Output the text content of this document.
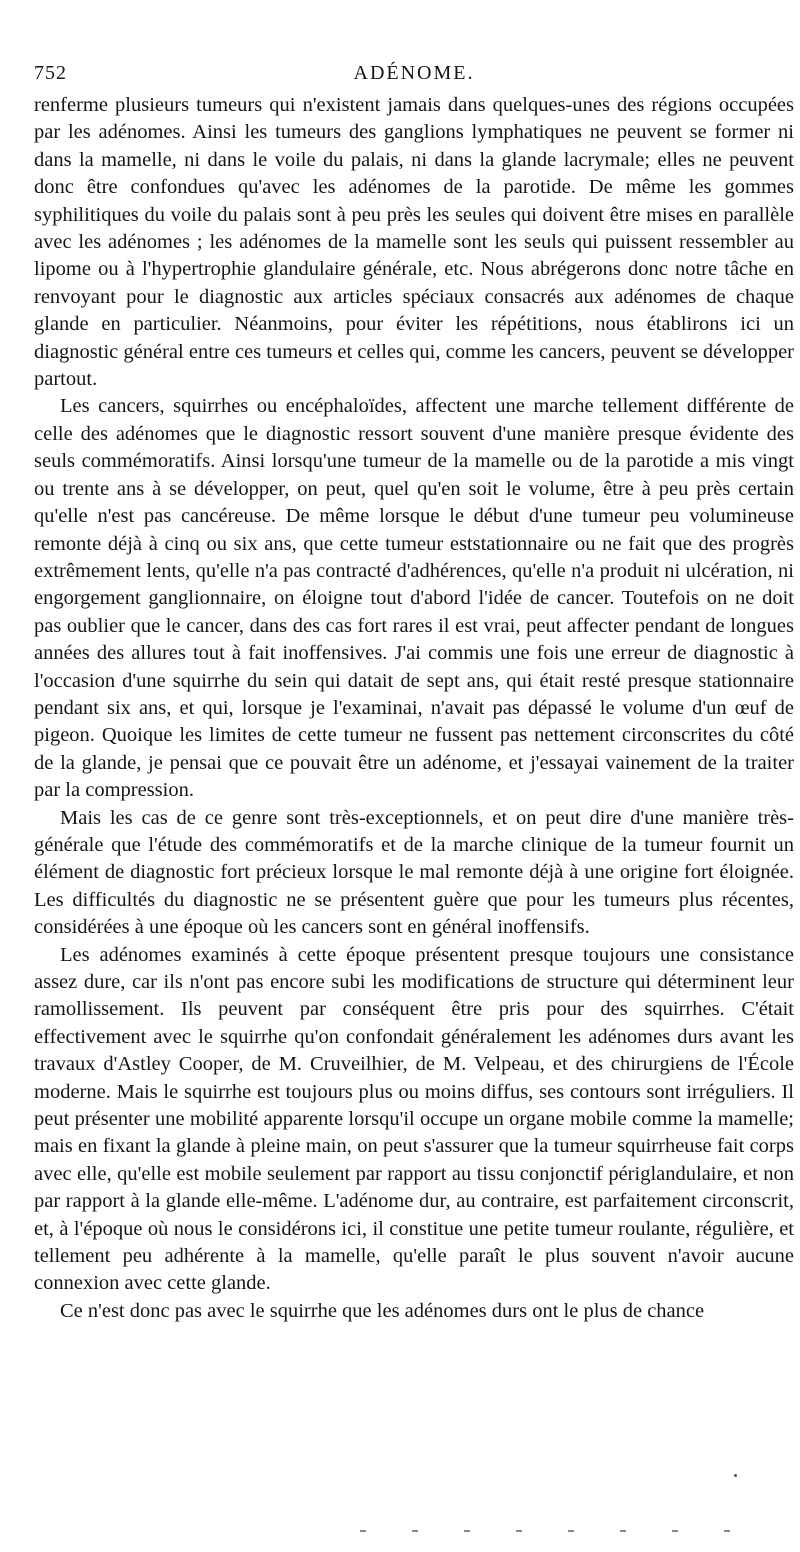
752	ADÉNOME.

renferme plusieurs tumeurs qui n'existent jamais dans quelques-unes des régions occupées par les adénomes. Ainsi les tumeurs des ganglions lymphatiques ne peuvent se former ni dans la mamelle, ni dans le voile du palais, ni dans la glande lacrymale; elles ne peuvent donc être confondues qu'avec les adénomes de la parotide. De même les gommes syphilitiques du voile du palais sont à peu près les seules qui doivent être mises en parallèle avec les adénomes ; les adénomes de la mamelle sont les seuls qui puissent ressembler au lipome ou à l'hypertrophie glandulaire générale, etc. Nous abrégerons donc notre tâche en renvoyant pour le diagnostic aux articles spéciaux consacrés aux adénomes de chaque glande en particulier. Néanmoins, pour éviter les répétitions, nous établirons ici un diagnostic général entre ces tumeurs et celles qui, comme les cancers, peuvent se développer partout.

Les cancers, squirrhes ou encéphaloïdes, affectent une marche tellement différente de celle des adénomes que le diagnostic ressort souvent d'une manière presque évidente des seuls commémoratifs. Ainsi lorsqu'une tumeur de la mamelle ou de la parotide a mis vingt ou trente ans à se développer, on peut, quel qu'en soit le volume, être à peu près certain qu'elle n'est pas cancéreuse. De même lorsque le début d'une tumeur peu volumineuse remonte déjà à cinq ou six ans, que cette tumeur eststationnaire ou ne fait que des progrès extrêmement lents, qu'elle n'a pas contracté d'adhérences, qu'elle n'a produit ni ulcération, ni engorgement ganglionnaire, on éloigne tout d'abord l'idée de cancer. Toutefois on ne doit pas oublier que le cancer, dans des cas fort rares il est vrai, peut affecter pendant de longues années des allures tout à fait inoffensives. J'ai commis une fois une erreur de diagnostic à l'occasion d'une squirrhe du sein qui datait de sept ans, qui était resté presque stationnaire pendant six ans, et qui, lorsque je l'examinai, n'avait pas dépassé le volume d'un œuf de pigeon. Quoique les limites de cette tumeur ne fussent pas nettement circonscrites du côté de la glande, je pensai que ce pouvait être un adénome, et j'essayai vainement de la traiter par la compression.

Mais les cas de ce genre sont très-exceptionnels, et on peut dire d'une manière très-générale que l'étude des commémoratifs et de la marche clinique de la tumeur fournit un élément de diagnostic fort précieux lorsque le mal remonte déjà à une origine fort éloignée. Les difficultés du diagnostic ne se présentent guère que pour les tumeurs plus récentes, considérées à une époque où les cancers sont en général inoffensifs.

Les adénomes examinés à cette époque présentent presque toujours une consistance assez dure, car ils n'ont pas encore subi les modifications de structure qui déterminent leur ramollissement. Ils peuvent par conséquent être pris pour des squirrhes. C'était effectivement avec le squirrhe qu'on confondait généralement les adénomes durs avant les travaux d'Astley Cooper, de M. Cruveilhier, de M. Velpeau, et des chirurgiens de l'École moderne. Mais le squirrhe est toujours plus ou moins diffus, ses contours sont irréguliers. Il peut présenter une mobilité apparente lorsqu'il occupe un organe mobile comme la mamelle; mais en fixant la glande à pleine main, on peut s'assurer que la tumeur squirrheuse fait corps avec elle, qu'elle est mobile seulement par rapport au tissu conjonctif périglandulaire, et non par rapport à la glande elle-même. L'adénome dur, au contraire, est parfaitement circonscrit, et, à l'époque où nous le considérons ici, il constitue une petite tumeur roulante, régulière, et tellement peu adhérente à la mamelle, qu'elle paraît le plus souvent n'avoir aucune connexion avec cette glande.

Ce n'est donc pas avec le squirrhe que les adénomes durs ont le plus de chance
